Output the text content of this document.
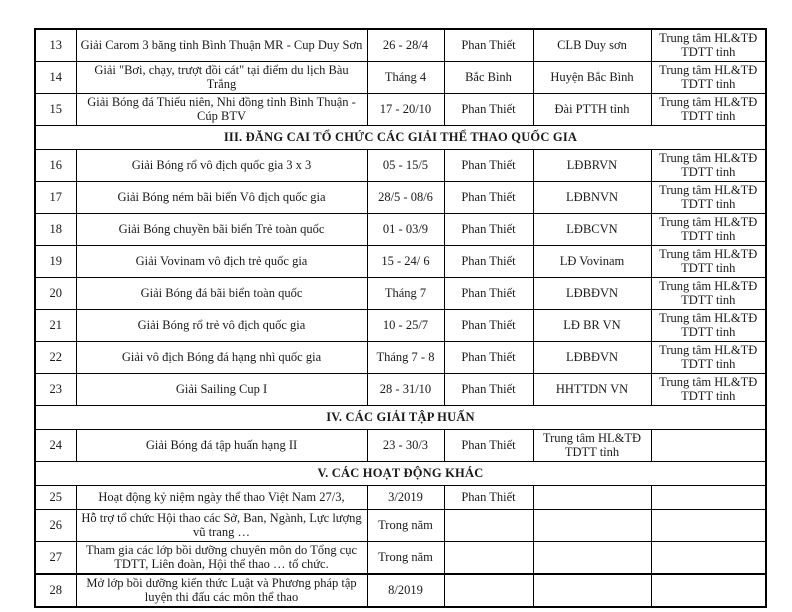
13	Giải Carom 3 băng tỉnh Bình Thuận MR - Cup Duy Sơn	26 - 28/4	Phan Thiết	CLB Duy sơn	Trung tâm HL&TĐ TDTT tỉnh
14	Giải "Bơi, chạy, trượt đồi cát" tại điểm du lịch Bàu Trắng	Tháng 4	Bắc Bình	Huyện Bắc Bình	Trung tâm HL&TĐ TDTT tỉnh
15	Giải Bóng đá Thiếu niên, Nhi đồng tỉnh Bình Thuận - Cúp BTV	17 - 20/10	Phan Thiết	Đài PTTH tỉnh	Trung tâm HL&TĐ TDTT tỉnh
III. ĐĂNG CAI TỔ CHỨC CÁC GIẢI THỂ THAO QUỐC GIA					
16	Giải Bóng rổ vô địch quốc gia 3 x 3	05 - 15/5	Phan Thiết	LĐBRVN	Trung tâm HL&TĐ TDTT tỉnh
17	Giải Bóng ném bãi biển Vô địch quốc gia	28/5 - 08/6	Phan Thiết	LĐBNVN	Trung tâm HL&TĐ TDTT tỉnh
18	Giải Bóng chuyền bãi biển Trẻ toàn quốc	01 - 03/9	Phan Thiết	LĐBCVN	Trung tâm HL&TĐ TDTT tỉnh
19	Giải Vovinam vô địch trẻ quốc gia	15 - 24/ 6	Phan Thiết	LĐ Vovinam	Trung tâm HL&TĐ TDTT tỉnh
20	Giải Bóng đá bãi biển toàn quốc	Tháng 7	Phan Thiết	LĐBĐVN	Trung tâm HL&TĐ TDTT tỉnh
21	Giải Bóng rổ trẻ vô địch quốc gia	10 - 25/7	Phan Thiết	LĐ BR VN	Trung tâm HL&TĐ TDTT tỉnh
22	Giải vô địch Bóng đá hạng nhì quốc gia	Tháng 7 - 8	Phan Thiết	LĐBĐVN	Trung tâm HL&TĐ TDTT tỉnh
23	Giải Sailing Cup I	28 - 31/10	Phan Thiết	HHTTDN VN	Trung tâm HL&TĐ TDTT tỉnh
IV. CÁC GIẢI TẬP HUẤN					
24	Giải Bóng đá tập huấn hạng II	23 - 30/3	Phan Thiết	Trung tâm HL&TĐ TDTT tỉnh	
V. CÁC HOẠT ĐỘNG KHÁC					
25	Hoạt động kỷ niệm ngày thể thao Việt Nam 27/3,	3/2019	Phan Thiết		
26	Hỗ trợ tổ chức Hội thao các Sở, Ban, Ngành, Lực lượng vũ trang …	Trong năm			
27	Tham gia các lớp bồi dưỡng chuyên môn do Tổng cục TDTT, Liên đoàn, Hội thể thao … tổ chức.	Trong năm			
28	Mở lớp bồi dưỡng kiến thức Luật và Phương pháp tập luyện thi đấu các môn thể thao	8/2019			
